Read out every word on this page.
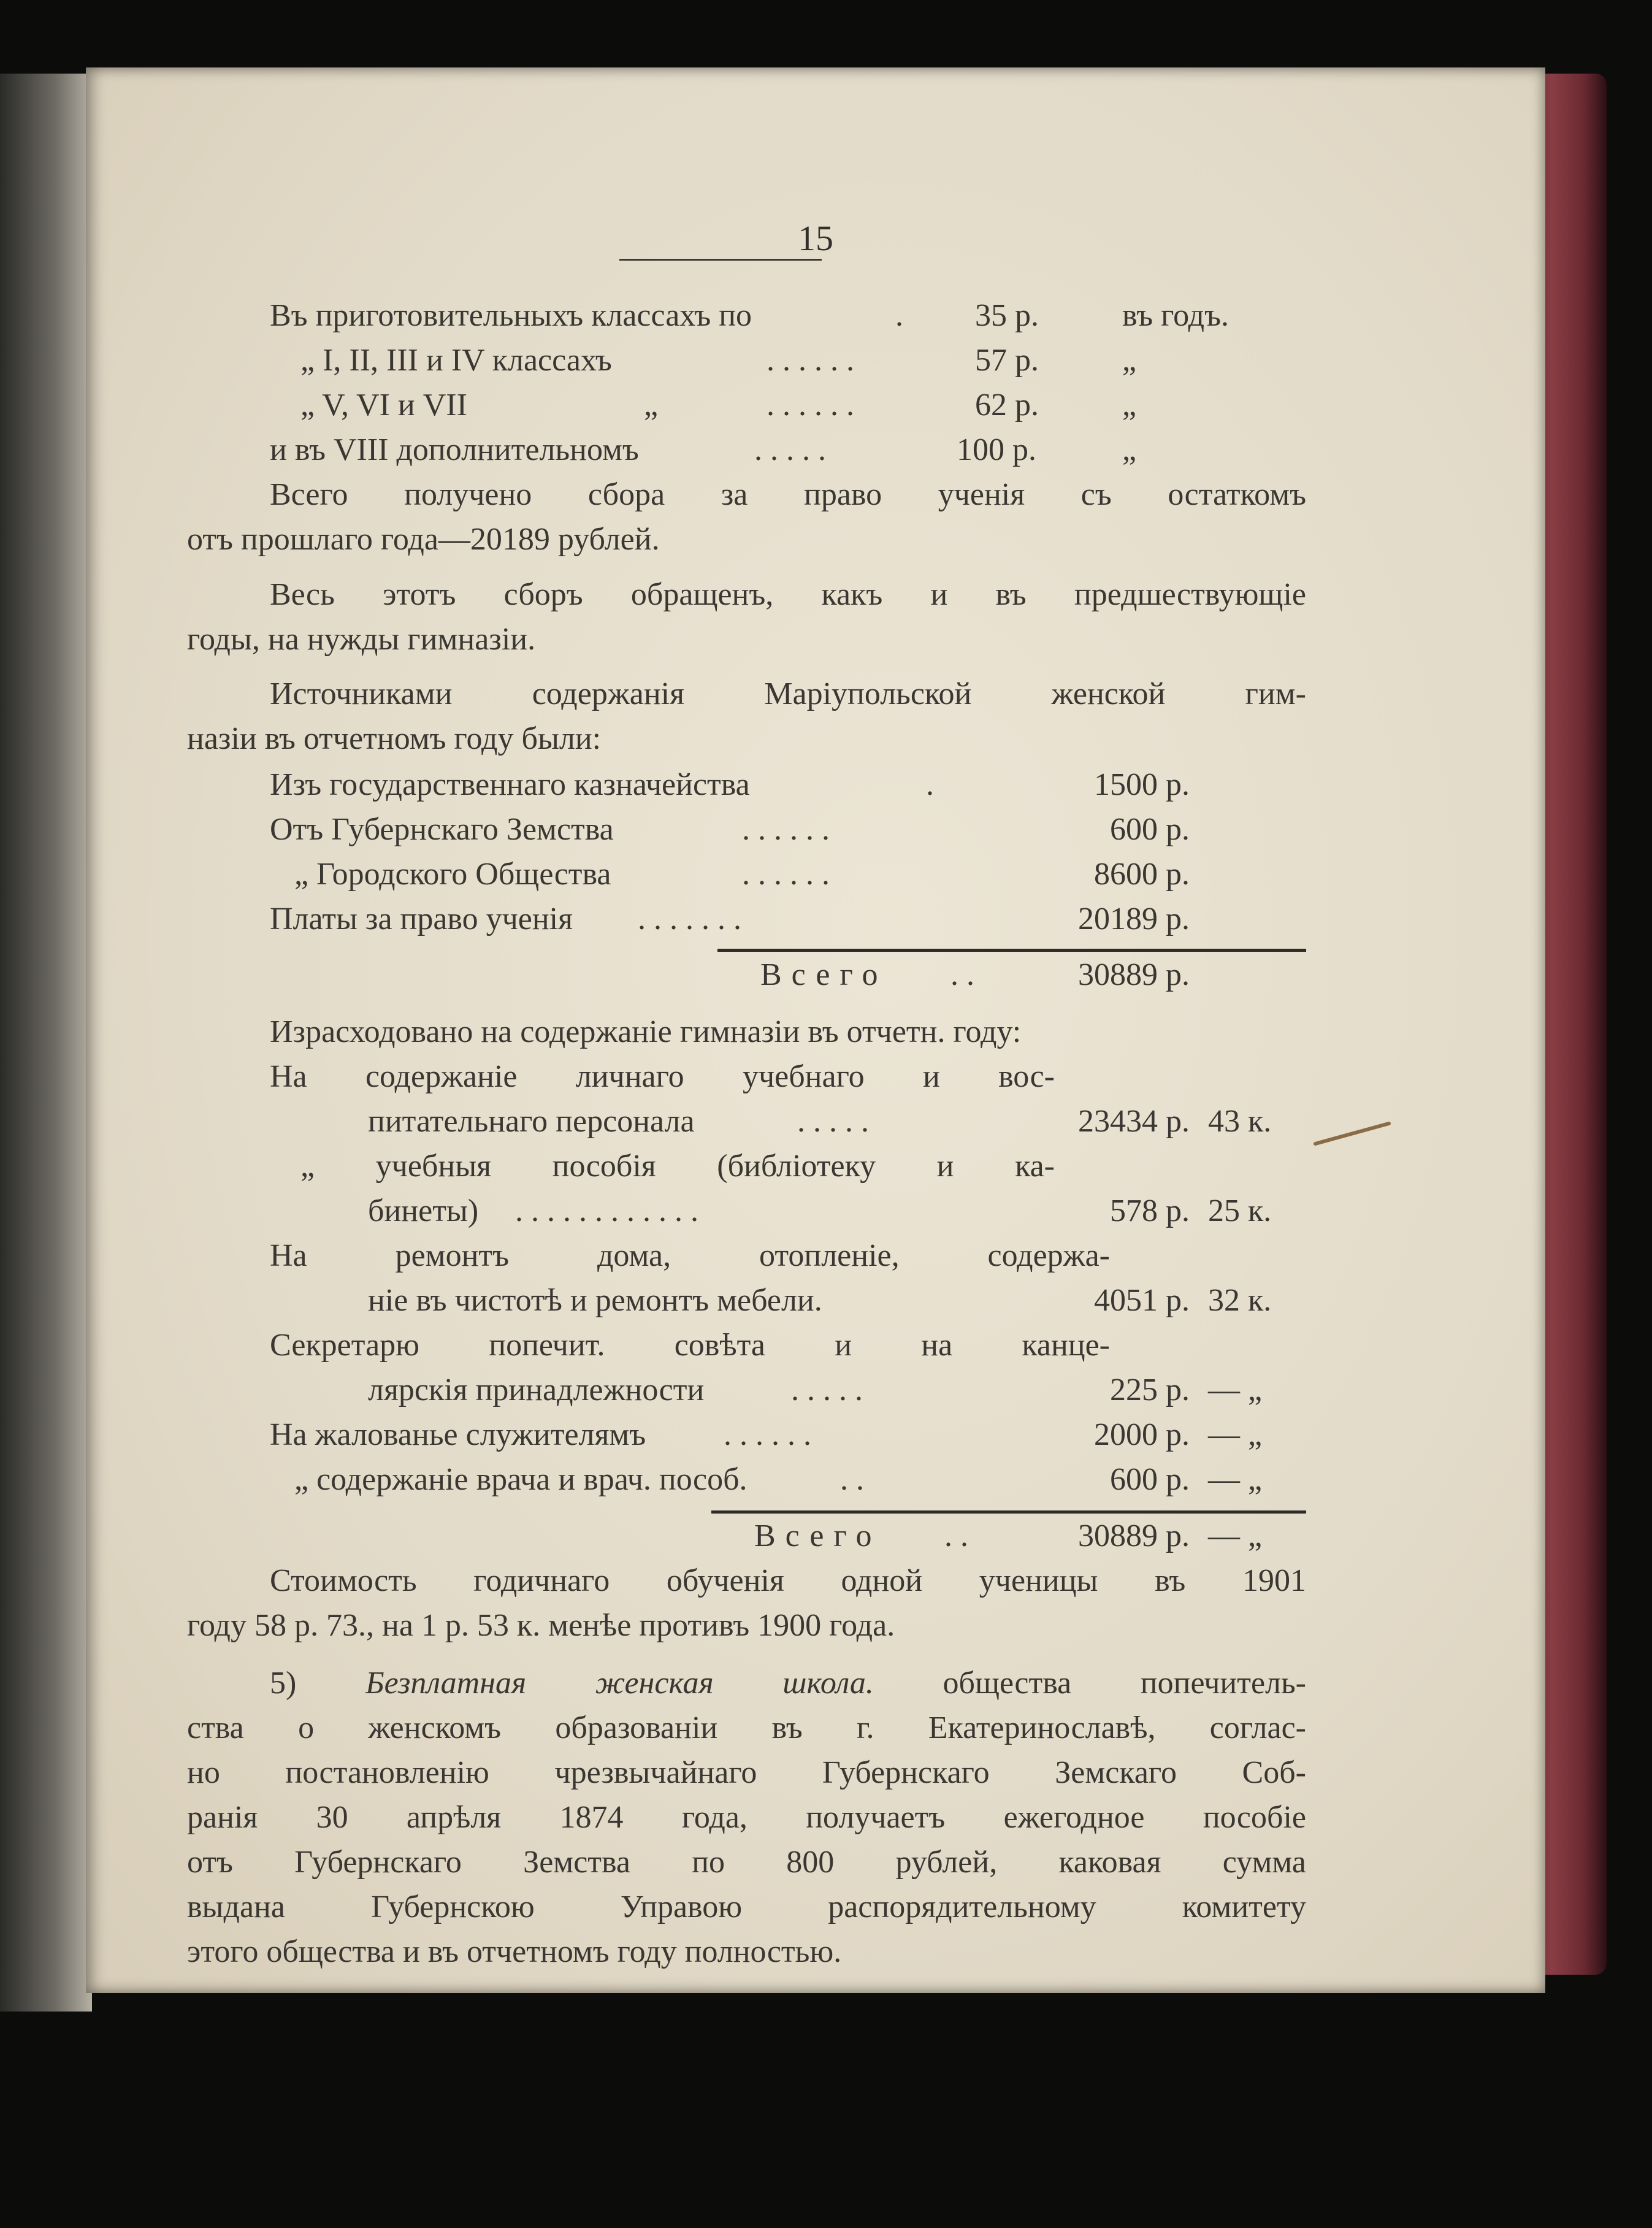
15
Въ приготовительныхъ классахъ по	. 35 р.	въ годъ.
„ I, II, III и IV классахъ	. . . . . .	57 р.	„
„ V, VI и VII	„	. . . . . .	62 р.	„
и въ VIII дополнительномъ	. . . . .	100 р.	„
Всего получено сбора за право ученія съ остаткомъ
отъ прошлаго года—20189 рублей.
Весь этотъ сборъ обращенъ, какъ и въ предшествующіе
годы, на нужды гимназіи.
Источниками содержанія Маріупольской женской гим-
назіи въ отчетномъ году были:
Изъ государственнаго казначейства	.	1500 р.
Отъ Губернскаго Земства	. . . . . .	600 р.
„ Городского Общества	. . . . . .	8600 р.
Платы за право ученія . . . . . . .	20189 р.
Всего . .	30889 р.
Израсходовано на содержаніе гимназіи въ отчетн. году:
На содержаніе личнаго учебнаго и вос-
питательнаго персонала	. . . . .	23434 р. 43 к.
„ учебныя пособія (библіотеку и ка-
бинеты) . . . . . . . . . . . .	578 р. 25 к.
На ремонтъ дома, отопленіе, содержа-
ніе въ чистотѣ и ремонтъ мебели.	4051 р. 32 к.
Секретарю попечит. совѣта и на канце-
лярскія принадлежности	. . . . .	225 р. — „
На жалованье служителямъ . . . . . .	2000 р. — „
„ содержаніе врача и врач. пособ.	. .	600 р. — „
Всего . .	30889 р. — „
Стоимость годичнаго обученія одной ученицы въ 1901
году 58 р. 73., на 1 р. 53 к. менѣе противъ 1900 года.
5) Безплатная женская школа. общества попечитель-
ства о женскомъ образованіи въ г. Екатеринославѣ, соглас-
но постановленію чрезвычайнаго Губернскаго Земскаго Соб-
ранія 30 апрѣля 1874 года, получаетъ ежегодное пособіе
отъ Губернскаго Земства по 800 рублей, каковая сумма
выдана Губернскою Управою распорядительному комитету
этого общества и въ отчетномъ году полностью.
